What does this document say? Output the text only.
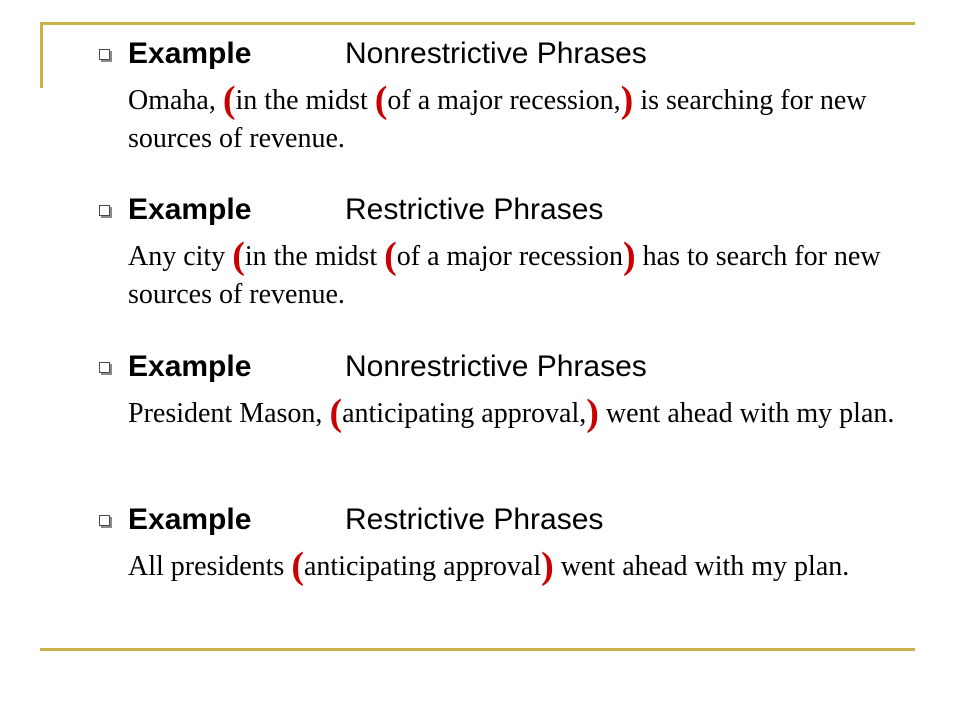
Example	Nonrestrictive Phrases
Omaha, (in the midst (of a major recession,) is searching for new sources of revenue.
Example	Restrictive Phrases
Any city (in the midst (of a major recession) has to search for new sources of revenue.
Example	Nonrestrictive Phrases
President Mason, (anticipating approval,) went ahead with my plan.
Example	Restrictive Phrases
All presidents (anticipating approval) went ahead with my plan.
